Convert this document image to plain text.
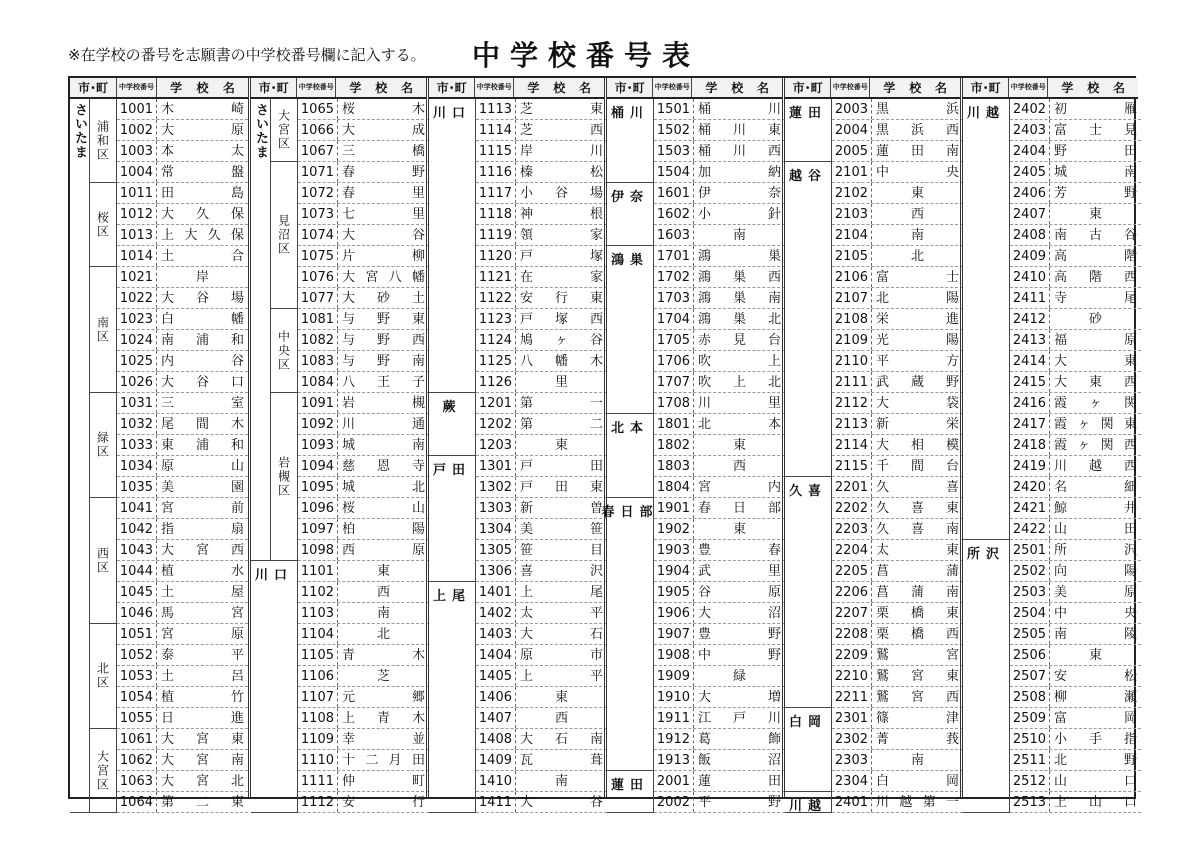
※在学校の番号を志願書の中学校番号欄に記入する。 中学校番号表
市･町	中学校番号 学 校 名
さいたま 浦和区
1001 木	崎
1002 大	原
1003 本	太
1004 常	盤
桜区
1011 田	島
1012 大 久 保
1013 上 大 久 保
1014 土	合
南区
1021	岸
1022 大 谷 場
1023 白	幡
1024 南 浦 和
1025 内	谷
1026 大 谷 口
緑区
1031 三	室
1032 尾 間 木
1033 東 浦 和
1034 原	山
1035 美	園
西区
1041 宮	前
1042 指	扇
1043 大 宮 西
1044 植	水
1045 土	屋
1046 馬	宮
北区
1051 宮	原
1052 泰	平
1053 土	呂
1054 植	竹
1055 日	進
大宮区
1061 大 宮 東
1062 大 宮 南
1063 大 宮 北
1064 第 二 東
市･町	中学校番号 学 校 名
さいたま 大宮区 1065 桜	木
1066 大	成
1067 三	橋
見沼区
1071 春	野
1072 春	里
1073 七	里
1074 大	谷
1075 片	柳
1076 大 宮 八 幡
1077 大 砂 土
中央区
1081 与 野 東
1082 与 野 西
1083 与 野 南
1084 八 王 子
岩槻区
1091 岩	槻
1092 川	通
1093 城	南
1094 慈 恩 寺
1095 城	北
1096 桜	山
1097 柏	陽
1098 西	原
川口 1101	東
1102	西
1103	南
1104	北
1105 青	木
1106	芝
1107 元	郷
1108 上 青 木
1109 幸	並
1110 十 二 月 田
1111 仲	町
1112 安	行
市･町	中学校番号 学 校 名
川口 1113 芝	東
1114 芝	西
1115 岸	川
1116 榛	松
1117 小 谷 場
1118 神	根
1119 領	家
1120 戸	塚
1121 在	家
1122 安 行 東
1123 戸 塚 西
1124 鳩 ヶ 谷
1125 八 幡 木
1126	里
蕨	1201 第	一
1202 第	二
1203	東
戸田 1301 戸	田
1302 戸 田 東
1303 新	曽
1304 美	笹
1305 笹	目
1306 喜	沢
上尾 1401 上	尾
1402 太	平
1403 大	石
1404 原	市
1405 上	平
1406	東
1407	西
1408 大 石 南
1409 瓦	葺
1410	南
1411 大	谷
市･町	中学校番号 学 校 名
桶川 1501 桶	川
1502 桶 川 東
1503 桶 川 西
1504 加	納
伊奈 1601 伊	奈
1602 小	針
1603	南
鴻巣 1701 鴻	巣
1702 鴻 巣 西
1703 鴻 巣 南
1704 鴻 巣 北
1705 赤 見 台
1706 吹	上
1707 吹 上 北
1708 川	里
北本 1801 北	本
1802	東
1803	西
1804 宮	内
春日部
1901 春 日 部
1902	東
1903 豊	春
1904 武	里
1905 谷	原
1906 大	沼
1907 豊	野
1908 中	野
1909	緑
1910 大	増
1911 江 戸 川
1912 葛	飾
1913 飯	沼
蓮田 2001 蓮	田
2002 平	野
市･町	中学校番号 学 校 名
蓮田 2003 黒	浜
2004 黒 浜 西
2005 蓮 田 南
越谷 2101 中	央
2102	東
2103	西
2104	南
2105	北
2106 富	士
2107 北	陽
2108 栄	進
2109 光	陽
2110 平	方
2111 武 蔵 野
2112 大	袋
2113 新	栄
2114 大 相 模
2115 千 間 台
久喜 2201 久	喜
2202 久 喜 東
2203 久 喜 南
2204 太	東
2205 菖	蒲
2206 菖 蒲 南
2207 栗 橋 東
2208 栗 橋 西
2209 鷲	宮
2210 鷲 宮 東
2211 鷲 宮 西
白岡 2301 篠	津
2302 菁	莪
2303	南
2304 白	岡
川越 2401 川 越 第 一
市･町	中学校番号 学 校 名
川越 2402 初	雁
2403 富 士 見
2404 野	田
2405 城	南
2406 芳	野
2407	東
2408 南 古 谷
2409 高	階
2410 高 階 西
2411 寺	尾
2412	砂
2413 福	原
2414 大	東
2415 大 東 西
2416 霞 ヶ 関
2417 霞 ヶ 関 東
2418 霞 ヶ 関 西
2419 川 越 西
2420 名	細
2421 鯨	井
2422 山	田
所沢 2501 所	沢
2502 向	陽
2503 美	原
2504 中	央
2505 南	陵
2506	東
2507 安	松
2508 柳	瀬
2509 富	岡
2510 小 手 指
2511 北	野
2512 山	口
2513 上 山 口
